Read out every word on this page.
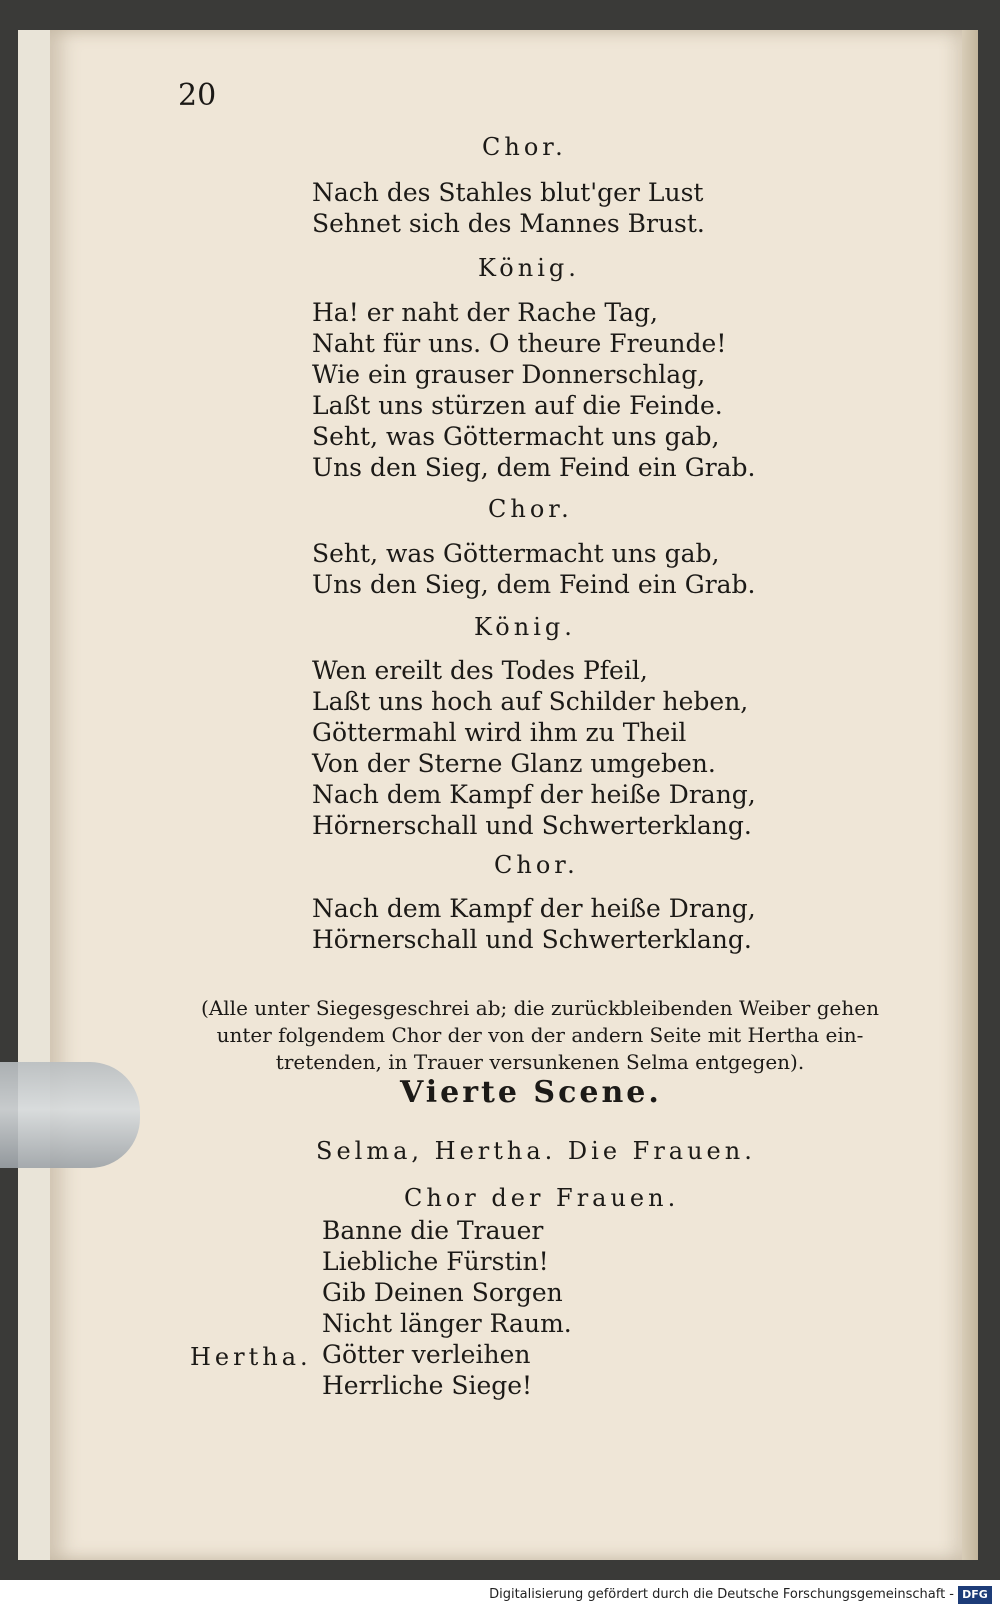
20
Chor.
Nach des Stahles blut'ger Lust
Sehnet sich des Mannes Brust.
König.
Ha! er naht der Rache Tag,
Naht für uns. O theure Freunde!
Wie ein grauser Donnerschlag,
Laßt uns stürzen auf die Feinde.
Seht, was Göttermacht uns gab,
Uns den Sieg, dem Feind ein Grab.
Chor.
Seht, was Göttermacht uns gab,
Uns den Sieg, dem Feind ein Grab.
König.
Wen ereilt des Todes Pfeil,
Laßt uns hoch auf Schilder heben,
Göttermahl wird ihm zu Theil
Von der Sterne Glanz umgeben.
Nach dem Kampf der heiße Drang,
Hörnerschall und Schwerterklang.
Chor.
Nach dem Kampf der heiße Drang,
Hörnerschall und Schwerterklang.
(Alle unter Siegesgeschrei ab; die zurückbleibenden Weiber gehen
unter folgendem Chor der von der andern Seite mit Hertha ein-
tretenden, in Trauer versunkenen Selma entgegen).
Vierte Scene.
Selma, Hertha. Die Frauen.
Chor der Frauen.
Banne die Trauer
Liebliche Fürstin!
Gib Deinen Sorgen
Nicht länger Raum.
Hertha. Götter verleihen
Herrliche Siege!
Digitalisierung gefördert durch die Deutsche Forschungsgemeinschaft - DFG
